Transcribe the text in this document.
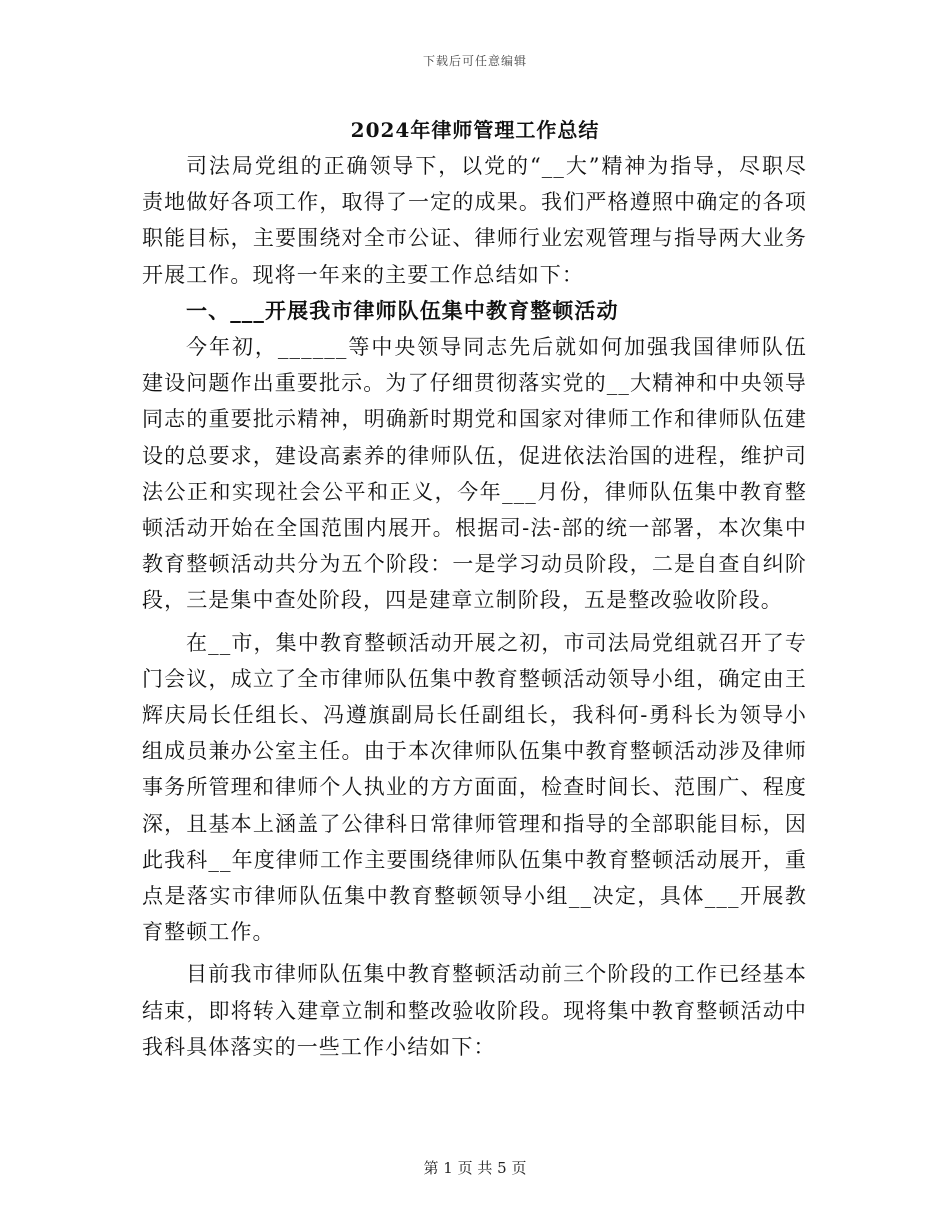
下载后可任意编辑
2024年律师管理工作总结

司法局党组的正确领导下，以党的“__大”精神为指导，尽职尽责地做好各项工作，取得了一定的成果。我们严格遵照中确定的各项职能目标，主要围绕对全市公证、律师行业宏观管理与指导两大业务开展工作。现将一年来的主要工作总结如下：

一、___开展我市律师队伍集中教育整顿活动

今年初，______等中央领导同志先后就如何加强我国律师队伍建设问题作出重要批示。为了仔细贯彻落实党的__大精神和中央领导同志的重要批示精神，明确新时期党和国家对律师工作和律师队伍建设的总要求，建设高素养的律师队伍，促进依法治国的进程，维护司法公正和实现社会公平和正义，今年___月份，律师队伍集中教育整顿活动开始在全国范围内展开。根据司-法-部的统一部署，本次集中教育整顿活动共分为五个阶段：一是学习动员阶段，二是自查自纠阶段，三是集中查处阶段，四是建章立制阶段，五是整改验收阶段。

在__市，集中教育整顿活动开展之初，市司法局党组就召开了专门会议，成立了全市律师队伍集中教育整顿活动领导小组，确定由王辉庆局长任组长、冯遵旗副局长任副组长，我科何-勇科长为领导小组成员兼办公室主任。由于本次律师队伍集中教育整顿活动涉及律师事务所管理和律师个人执业的方方面面，检查时间长、范围广、程度深，且基本上涵盖了公律科日常律师管理和指导的全部职能目标，因此我科__年度律师工作主要围绕律师队伍集中教育整顿活动展开，重点是落实市律师队伍集中教育整顿领导小组__决定，具体___开展教育整顿工作。

目前我市律师队伍集中教育整顿活动前三个阶段的工作已经基本结束，即将转入建章立制和整改验收阶段。现将集中教育整顿活动中我科具体落实的一些工作小结如下：

第 1 页 共 5 页
